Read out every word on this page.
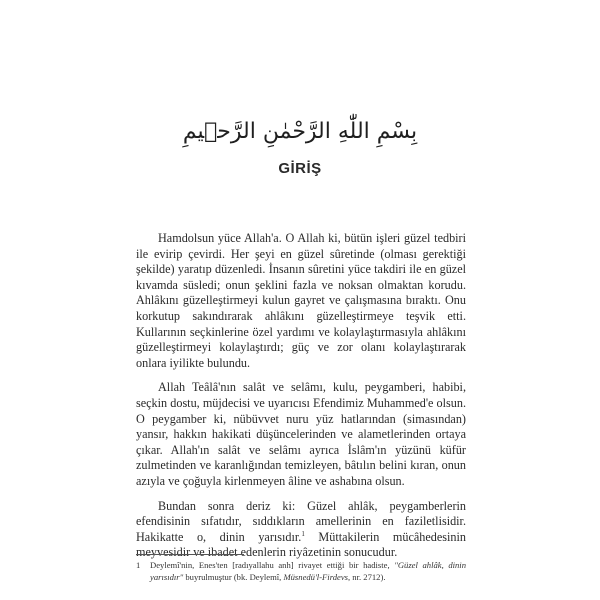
بِسْمِ اللّٰهِ الرَّحْمٰنِ الرَّح۪يمِ
GİRİŞ

Hamdolsun yüce Allah'a. O Allah ki, bütün işleri güzel tedbiri ile evirip çevirdi. Her şeyi en güzel sûretinde (olması gerektiği şekilde) yaratıp düzenledi. İnsanın sûretini yüce takdiri ile en güzel kıvamda süsledi; onun şeklini fazla ve noksan olmaktan korudu. Ahlâkını güzelleştirmeyi kulun gayret ve çalışmasına bıraktı. Onu korkutup sakındırarak ahlâkını güzelleştirmeye teşvik etti. Kullarının seçkinlerine özel yardımı ve kolaylaştırmasıyla ahlâkını güzelleştirmeyi kolaylaştırdı; güç ve zor olanı kolaylaştırarak onlara iyilikte bulundu.

Allah Teâlâ'nın salât ve selâmı, kulu, peygamberi, habibi, seçkin dostu, müjdecisi ve uyarıcısı Efendimiz Muhammed'e olsun. O peygamber ki, nübüvvet nuru yüz hatlarından (simasından) yansır, hakkın hakikati düşüncelerinden ve alametlerinden ortaya çıkar. Allah'ın salât ve selâmı ayrıca İslâm'ın yüzünü küfür zulmetinden ve karanlığından temizleyen, bâtılın belini kıran, onun azıyla ve çoğuyla kirlenmeyen âline ve ashabına olsun.

Bundan sonra deriz ki: Güzel ahlâk, peygamberlerin efendisinin sıfatıdır, sıddıkların amellerinin en faziletlisidir. Hakikatte o, dinin yarısıdır.$^1$ Müttakilerin mücâhedesinin meyvesidir ve ibadet edenlerin riyâzetinin sonucudur.

1	Deylemî'nin, Enes'ten [radıyallahu anh] rivayet ettiği bir hadiste, "Güzel ahlâk, dinin yarısıdır" buyrulmuştur (bk. Deylemî, Müsnedü'l-Firdevs, nr. 2712).
